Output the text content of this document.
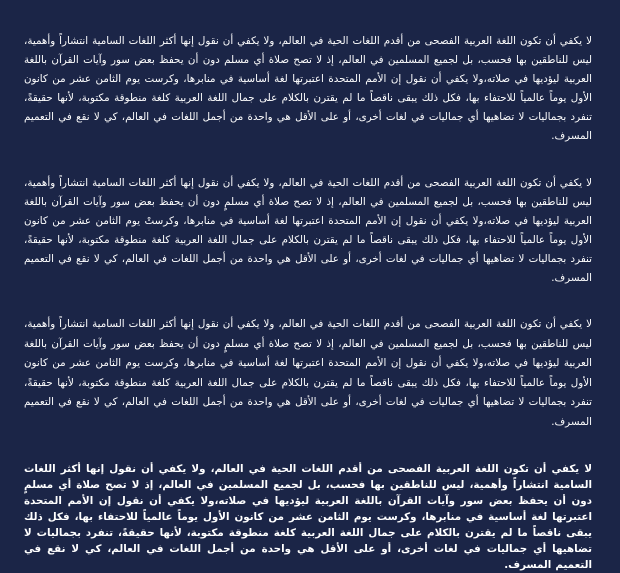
لا يكفي أن تكون اللغة العربية الفصحى من أقدم اللغات الحية في العالم، ولا يكفي أن نقول إنها أكثر اللغات السامية انتشاراً وأهمية، ليس للناطقين بها فحسب، بل لجميع المسلمين في العالم، إذ لا تصح صلاة أي مسلم دون أن يحفظ بعض سور وآيات القرآن باللغة العربية ليؤديها في صلاته،ولا يكفي أن نقول إن الأمم المتحدة اعتبرتها لغة أساسية في منابرها، وكرست يوم الثامن عشر من كانون الأول يوماً عالمياً للاحتفاء بها، فكل ذلك يبقى ناقصاً ما لم يقترن بالكلام على جمال اللغة العربية كلغة منطوقة مكتوبة، لأنها حقيقةً، تنفرد بجماليات لا تضاهيها أي جماليات في لغات أخرى، أو على الأقل هي واحدة من أجمل اللغات في العالم، كي لا نقع في التعميم المسرف.

لا يكفي أن تكون اللغة العربية الفصحى من أقدم اللغات الحية في العالم، ولا يكفي أن نقول إنها أكثر اللغات السامية انتشاراً وأهمية، ليس للناطقين بها فحسب، بل لجميع المسلمين في العالم، إذ لا تصح صلاة أي مسلمٍ دون أن يحفظ بعض سور وآيات القرآن باللغة العربية ليؤديها في صلاته،ولا يكفي أن نقول إن الأمم المتحدة اعتبرتها لغة أساسية في منابرها، وكرستْ يوم الثامن عشر من كانون الأول يوماً عالمياً للاحتفاء بها، فكل ذلك يبقى ناقصاً ما لم يقترن بالكلام على جمال اللغة العربية كلغة منطوقة مكتوبة، لأنها حقيقةً، تنفرد بجماليات لا تضاهيها أي جماليات في لغات أخرى، أو على الأقل هي واحدة من أجمل اللغات في العالم، كي لا نقع في التعميم المسرف.

لا يكفي أن تكون اللغة العربية الفصحى من أقدم اللغات الحية في العالم، ولا يكفي أن نقول إنها أكثر اللغات السامية انتشاراً وأهمية، ليس للناطقين بها فحسب، بل لجميع المسلمين في العالم، إذ لا تصح صلاة أي مسلمٍ دون أن يحفظ بعض سور وآيات القرآن باللغة العربية ليؤديها في صلاته،ولا يكفي أن نقول إن الأمم المتحدة اعتبرتها لغة أساسية في منابرها، وكرست يوم الثامن عشر من كانون الأول يوماً عالمياً للاحتفاء بها، فكل ذلك يبقى ناقصاً ما لم يقترن بالكلام على جمال اللغة العربية كلغة منطوقة مكتوبة، لأنها حقيقةً، تنفرد بجماليات لا تضاهيها أي جماليات في لغات أخرى، أو على الأقل هي واحدة من أجمل اللغات في العالم، كي لا نقع في التعميم المسرف.

لا يكفي أن تكون اللغة العربية الفصحى من أقدم اللغات الحية في العالم، ولا يكفي أن نقول إنها أكثر اللغات السامية انتشاراً وأهمية، ليس للناطقين بها فحسب، بل لجميع المسلمين في العالم، إذ لا تصح صلاة أي مسلمٍ دون أن يحفظ بعض سور وآيات القرآن باللغة العربية ليؤديها في صلاته،ولا يكفي أن نقول إن الأمم المتحدة اعتبرتها لغة أساسية في منابرها، وكرست يوم الثامن عشر من كانون الأول يوماً عالمياً للاحتفاء بها، فكل ذلك يبقى ناقصاً ما لم يقترن بالكلام على جمال اللغة العربية كلغة منطوقة مكتوبة، لأنها حقيقةً، تنفرد بجماليات لا تضاهيها أي جماليات في لغات أخرى، أو على الأقل هي واحدة من أجمل اللغات في العالم، كي لا نقع في التعميم المسرف.
